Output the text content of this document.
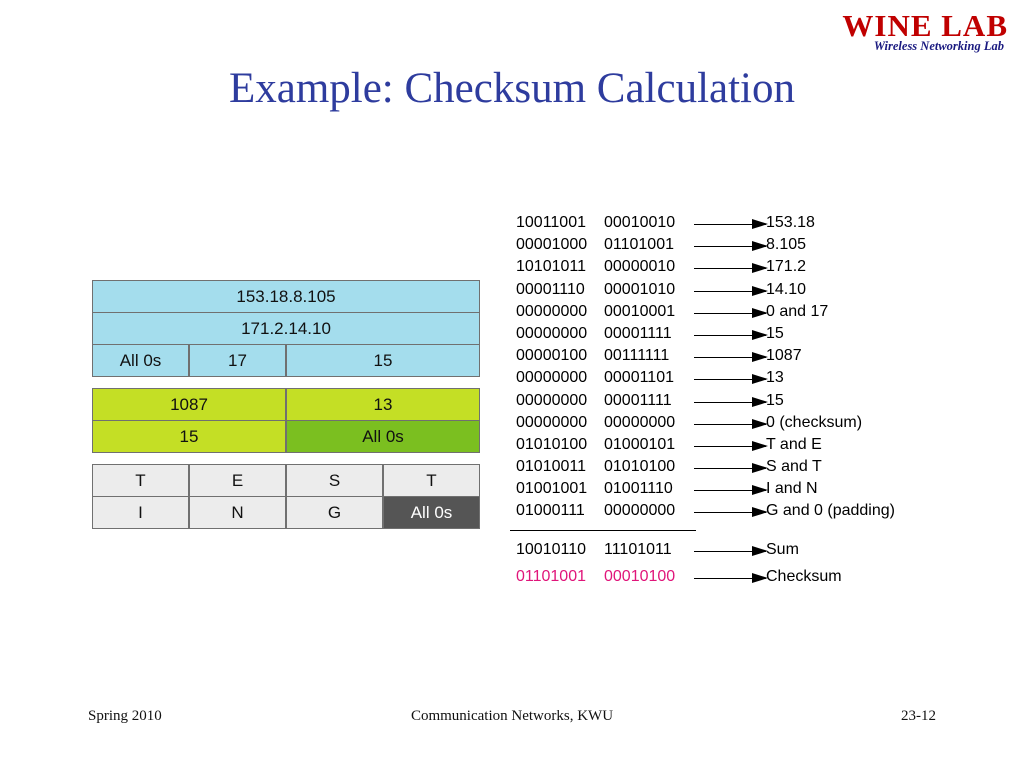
WINE LAB
Wireless Networking Lab
Example: Checksum Calculation
153.18.8.105
171.2.14.10
All 0s	17	15
1087	13
15	All 0s
T	E	S	T
I	N	G	All 0s
10011001 00010010	153.18
00001000 01101001	8.105
10101011 00000010	171.2
00001110 00001010	14.10
00000000 00010001	0 and 17
00000000 00001111	15
00000100 00111111	1087
00000000 00001101	13
00000000 00001111	15
00000000 00000000	0 (checksum)
01010100 01000101	T and E
01010011 01010100	S and T
01001001 01001110	I and N
01000111 00000000	G and 0 (padding)
10010110 11101011	Sum
01101001 00010100	Checksum
Spring 2010	Communication Networks, KWU	23-12
